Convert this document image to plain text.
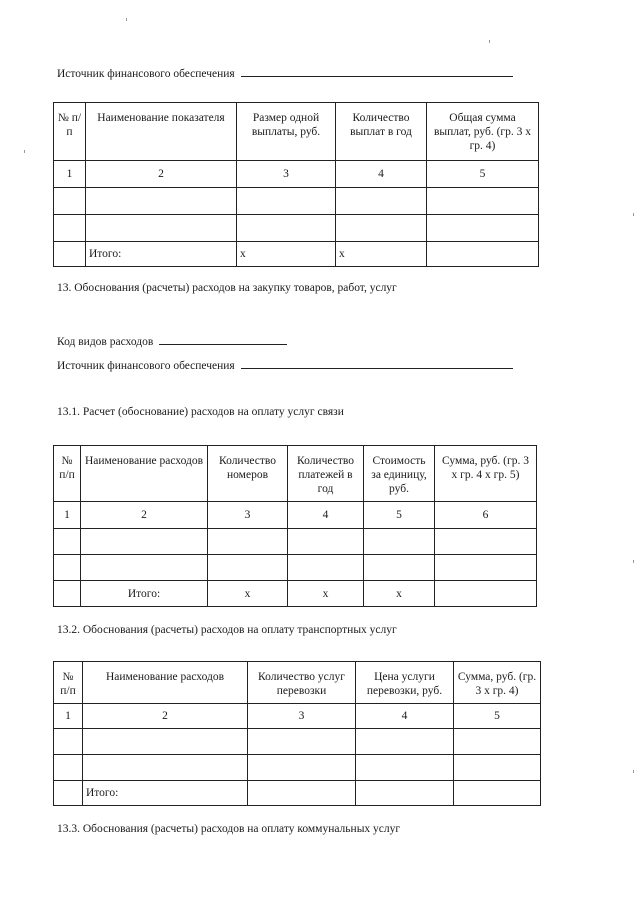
Источник финансового обеспечения
№ п/п	Наименование показателя	Размер одной выплаты, руб.	Количество выплат в год	Общая сумма выплат, руб. (гр. 3 х гр. 4)
1	2	3	4	5

	Итого:	х	х	
13. Обоснования (расчеты) расходов на закупку товаров, работ, услуг
Код видов расходов
Источник финансового обеспечения
13.1. Расчет (обоснование) расходов на оплату услуг связи
№ п/п	Наименование расходов	Количество номеров	Количество платежей в год	Стоимость за единицу, руб.	Сумма, руб. (гр. 3 х гр. 4 х гр. 5)
1	2	3	4	5	6

	Итого:	х	х	х	
13.2. Обоснования (расчеты) расходов на оплату транспортных услуг
№ п/п	Наименование расходов	Количество услуг перевозки	Цена услуги перевозки, руб.	Сумма, руб. (гр. 3 х гр. 4)
1	2	3	4	5

	Итого:			
13.3. Обоснования (расчеты) расходов на оплату коммунальных услуг
